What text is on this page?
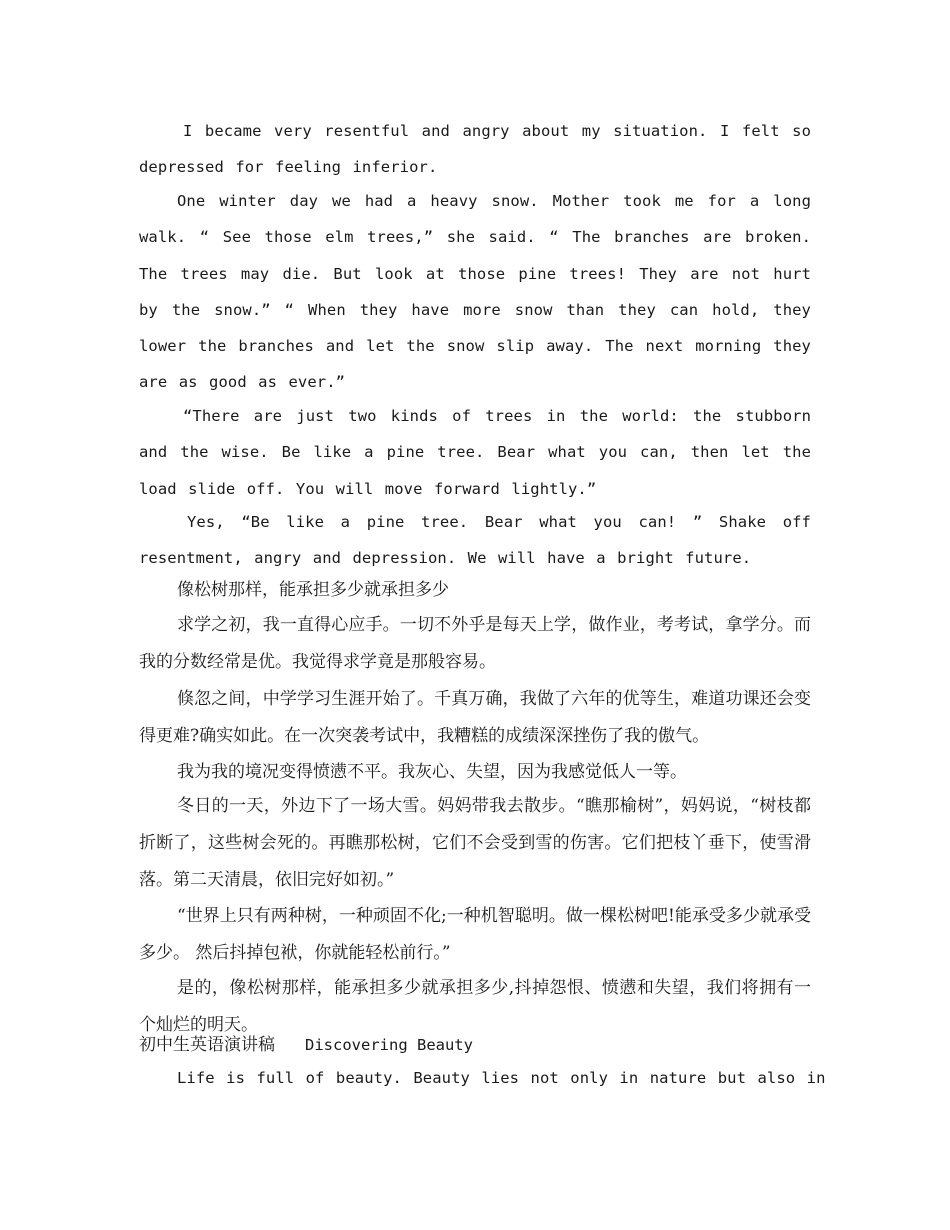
I became very resentful and angry about my situation. I felt so depressed for feeling inferior.

One winter day we had a heavy snow. Mother took me for a long walk. “ See those elm trees,” she said. “ The branches are broken. The trees may die. But look at those pine trees! They are not hurt by the snow.” “ When they have more snow than they can hold, they lower the branches and let the snow slip away. The next morning they are as good as ever.”

“There are just two kinds of trees in the world: the stubborn and the wise. Be like a pine tree. Bear what you can, then let the load slide off. You will move forward lightly.”

Yes, “Be like a pine tree. Bear what you can! ” Shake off resentment, angry and depression. We will have a bright future.

像松树那样，能承担多少就承担多少

求学之初，我一直得心应手。一切不外乎是每天上学，做作业，考考试，拿学分。而我的分数经常是优。我觉得求学竟是那般容易。

倏忽之间，中学学习生涯开始了。千真万确，我做了六年的优等生，难道功课还会变得更难?确实如此。在一次突袭考试中，我糟糕的成绩深深挫伤了我的傲气。

我为我的境况变得愤懑不平。我灰心、失望，因为我感觉低人一等。

冬日的一天，外边下了一场大雪。妈妈带我去散步。“瞧那榆树”，妈妈说，“树枝都折断了，这些树会死的。再瞧那松树，它们不会受到雪的伤害。它们把枝丫垂下，使雪滑落。第二天清晨，依旧完好如初。”

“世界上只有两种树，一种顽固不化;一种机智聪明。做一棵松树吧!能承受多少就承受多少。 然后抖掉包袱，你就能轻松前行。”

是的，像松树那样，能承担多少就承担多少,抖掉怨恨、愤懑和失望，我们将拥有一个灿烂的明天。

初中生英语演讲稿 Discovering Beauty

Life is full of beauty. Beauty lies not only in nature but also in
